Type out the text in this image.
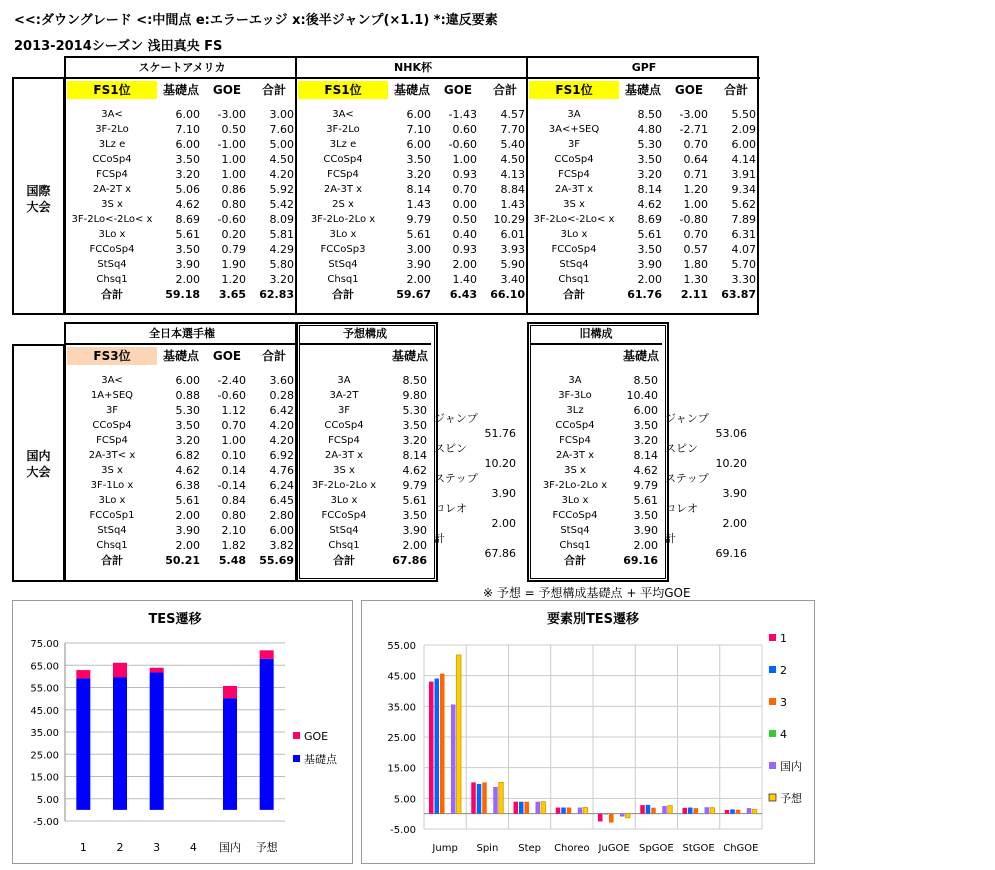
<<:ダウングレード <:中間点 e:エラーエッジ x:後半ジャンプ(×1.1) *:違反要素
2013-2014シーズン 浅田真央 FS
国際
大会
スケートアメリカ			
FS1位	基礎点	GOE	合計

3A<	6.00	-3.00	3.00
3F-2Lo	7.10	0.50	7.60
3Lz e	6.00	-1.00	5.00
CCoSp4	3.50	1.00	4.50
FCSp4	3.20	1.00	4.20
2A-2T x	5.06	0.86	5.92
3S x	4.62	0.80	5.42
3F-2Lo<-2Lo< x	8.69	-0.60	8.09
3Lo x	5.61	0.20	5.81
FCCoSp4	3.50	0.79	4.29
StSq4	3.90	1.90	5.80
Chsq1	2.00	1.20	3.20
合計	59.18	3.65	62.83
NHK杯			
FS1位	基礎点	GOE	合計

3A<	6.00	-1.43	4.57
3F-2Lo	7.10	0.60	7.70
3Lz e	6.00	-0.60	5.40
CCoSp4	3.50	1.00	4.50
FCSp4	3.20	0.93	4.13
2A-3T x	8.14	0.70	8.84
2S x	1.43	0.00	1.43
3F-2Lo-2Lo x	9.79	0.50	10.29
3Lo x	5.61	0.40	6.01
FCCoSp3	3.00	0.93	3.93
StSq4	3.90	2.00	5.90
Chsq1	2.00	1.40	3.40
合計	59.67	6.43	66.10
GPF			
FS1位	基礎点	GOE	合計

3A	8.50	-3.00	5.50
3A<+SEQ	4.80	-2.71	2.09
3F	5.30	0.70	6.00
CCoSp4	3.50	0.64	4.14
FCSp4	3.20	0.71	3.91
2A-3T x	8.14	1.20	9.34
3S x	4.62	1.00	5.62
3F-2Lo<-2Lo< x	8.69	-0.80	7.89
3Lo x	5.61	0.70	6.31
FCCoSp4	3.50	0.57	4.07
StSq4	3.90	1.80	5.70
Chsq1	2.00	1.30	3.30
合計	61.76	2.11	63.87
国内
大会
全日本選手権			
FS3位	基礎点	GOE	合計

3A<	6.00	-2.40	3.60
1A+SEQ	0.88	-0.60	0.28
3F	5.30	1.12	6.42
CCoSp4	3.50	0.70	4.20
FCSp4	3.20	1.00	4.20
2A-3T< x	6.82	0.10	6.92
3S x	4.62	0.14	4.76
3F-1Lo x	6.38	-0.14	6.24
3Lo x	5.61	0.84	6.45
FCCoSp1	2.00	0.80	2.80
StSq4	3.90	2.10	6.00
Chsq1	2.00	1.82	3.82
合計	50.21	5.48	55.69
予想構成	
	基礎点

3A	8.50
3A-2T	9.80
3F	5.30
CCoSp4	3.50
FCSp4	3.20
2A-3T x	8.14
3S x	4.62
3F-2Lo-2Lo x	9.79
3Lo x	5.61
FCCoSp4	3.50
StSq4	3.90
Chsq1	2.00
合計	67.86

ジャンプ	
	51.76
スピン	
	10.20
ステップ	
	3.90
コレオ	
	2.00
計	
	67.86
旧構成	
	基礎点

3A	8.50
3F-3Lo	10.40
3Lz	6.00
CCoSp4	3.50
FCSp4	3.20
2A-3T x	8.14
3S x	4.62
3F-2Lo-2Lo x	9.79
3Lo x	5.61
FCCoSp4	3.50
StSq4	3.90
Chsq1	2.00
合計	69.16

ジャンプ	
	53.06
スピン	
	10.20
ステップ	
	3.90
コレオ	
	2.00
計	
	69.16
※ 予想 = 予想構成基礎点 + 平均GOE
TES遷移
75.00
65.00
55.00
45.00
35.00
25.00
15.00
5.00
-5.00
1	2	3	4 国内 予想
GOE
基礎点
要素別TES遷移
55.00
45.00
35.00
25.00
15.00
5.00
-5.00
Jump Spin Step Choreo JuGOE SpGOE StGOE ChGOE
1
2
3
4
国内
予想
